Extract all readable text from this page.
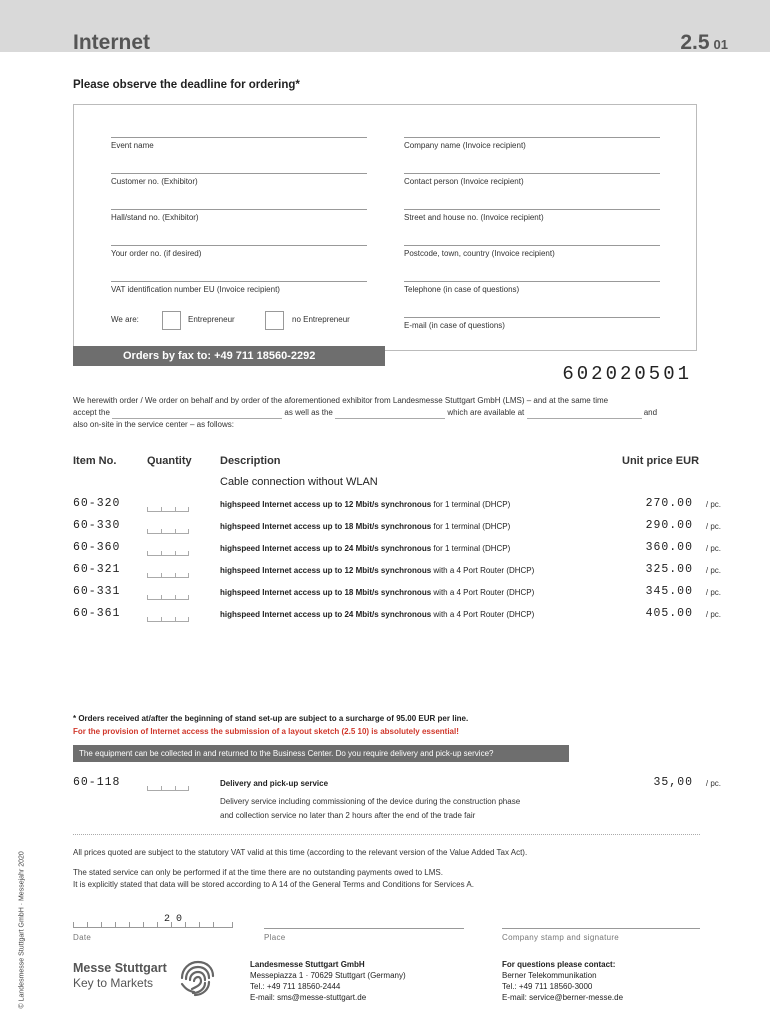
Internet	2.5 01
Please observe the deadline for ordering*
Event name
Customer no. (Exhibitor)
Hall/stand no. (Exhibitor)
Your order no. (if desired)
VAT identification number EU (Invoice recipient)
We are:	Entrepreneur	no Entrepreneur
Company name (Invoice recipient)
Contact person (Invoice recipient)
Street and house no. (Invoice recipient)
Postcode, town, country (Invoice recipient)
Telephone (in case of questions)
E-mail (in case of questions)
Orders by fax to: +49 711 18560-2292
602020501
We herewith order / We order on behalf and by order of the aforementioned exhibitor from Landesmesse Stuttgart GmbH (LMS) – and at the same time
accept the	as well as the	which are available at	and
also on-site in the service center – as follows:
Item No.	Quantity	Description	Unit price EUR
Cable connection without WLAN
60-320	highspeed Internet access up to 12 Mbit/s synchronous for 1 terminal (DHCP)	270.00 / pc.
60-330	highspeed Internet access up to 18 Mbit/s synchronous for 1 terminal (DHCP)	290.00 / pc.
60-360	highspeed Internet access up to 24 Mbit/s synchronous for 1 terminal (DHCP)	360.00 / pc.
60-321	highspeed Internet access up to 12 Mbit/s synchronous with a 4 Port Router (DHCP)	325.00 / pc.
60-331	highspeed Internet access up to 18 Mbit/s synchronous with a 4 Port Router (DHCP)	345.00 / pc.
60-361	highspeed Internet access up to 24 Mbit/s synchronous with a 4 Port Router (DHCP)	405.00 / pc.
* Orders received at/after the beginning of stand set-up are subject to a surcharge of 95.00 EUR per line.
For the provision of Internet access the submission of a layout sketch (2.5 10) is absolutely essential!
The equipment can be collected in and returned to the Business Center. Do you require delivery and pick-up service?
60-118	Delivery and pick-up service	35,00 / pc.
Delivery service including commissioning of the device during the construction phase
and collection service no later than 2 hours after the end of the trade fair
All prices quoted are subject to the statutory VAT valid at this time (according to the relevant version of the Value Added Tax Act).
The stated service can only be performed if at the time there are no outstanding payments owed to LMS.
It is explicitly stated that data will be stored according to A 14 of the General Terms and Conditions for Services A.
2 0
Date	Place	Company stamp and signature
© Landesmesse Stuttgart GmbH · Messejahr 2020	Messe Stuttgart
Key to Markets
Landesmesse Stuttgart GmbH
Messepiazza 1 · 70629 Stuttgart (Germany)
Tel.: +49 711 18560-2444
E-mail: sms@messe-stuttgart.de
For questions please contact:
Berner Telekommunikation
Tel.: +49 711 18560-3000
E-mail: service@berner-messe.de
